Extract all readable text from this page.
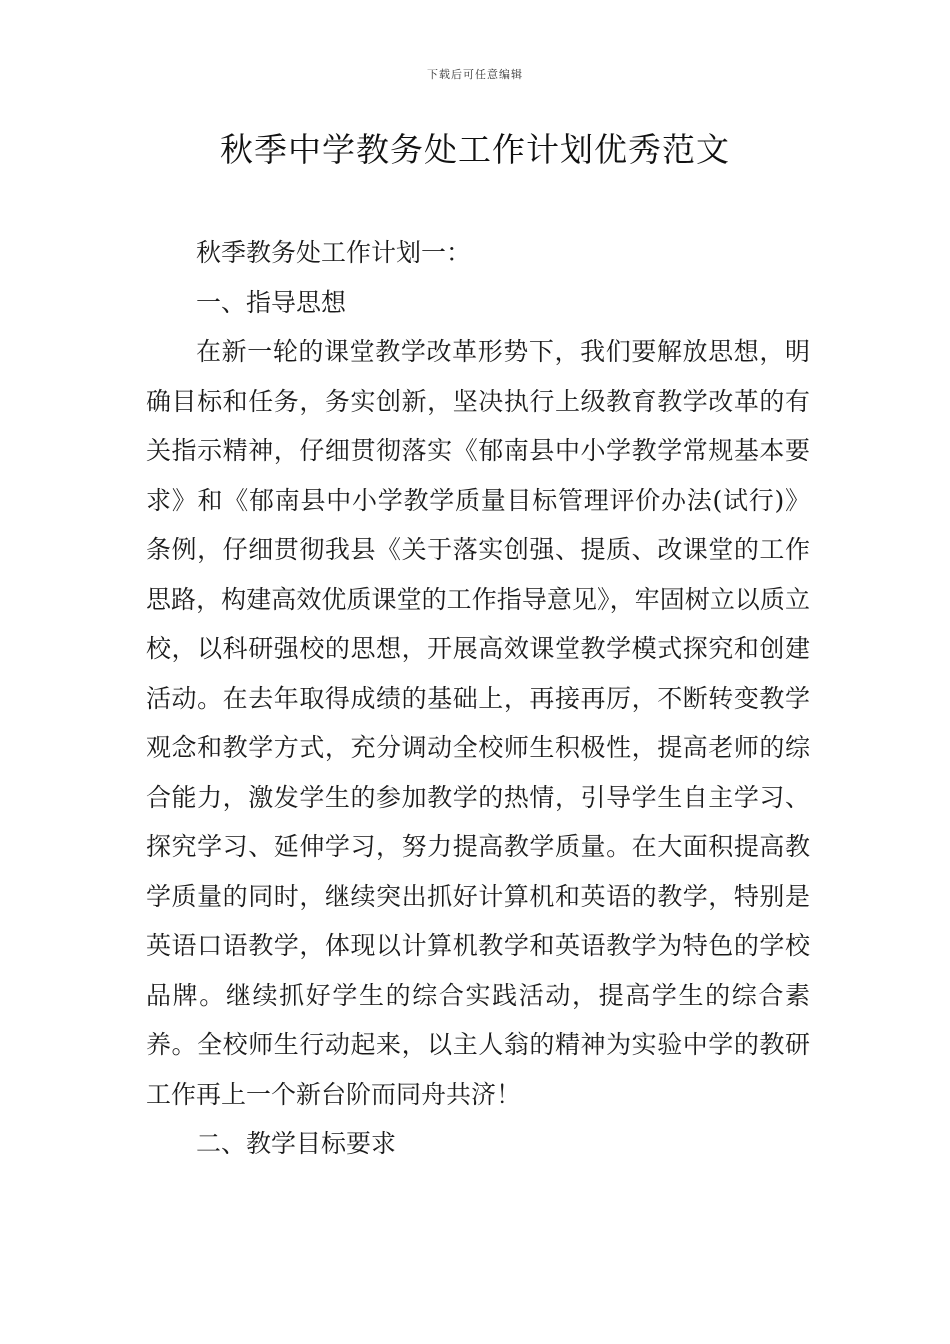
下载后可任意编辑
秋季中学教务处工作计划优秀范文

秋季教务处工作计划一：

一、指导思想

在新一轮的课堂教学改革形势下，我们要解放思想，明确目标和任务，务实创新，坚决执行上级教育教学改革的有关指示精神，仔细贯彻落实《郁南县中小学教学常规基本要求》和《郁南县中小学教学质量目标管理评价办法(试行)》条例，仔细贯彻我县《关于落实创强、提质、改课堂的工作思路，构建高效优质课堂的工作指导意见》，牢固树立以质立校，以科研强校的思想，开展高效课堂教学模式探究和创建活动。在去年取得成绩的基础上，再接再厉，不断转变教学观念和教学方式，充分调动全校师生积极性，提高老师的综合能力，激发学生的参加教学的热情，引导学生自主学习、探究学习、延伸学习，努力提高教学质量。在大面积提高教学质量的同时，继续突出抓好计算机和英语的教学，特别是英语口语教学，体现以计算机教学和英语教学为特色的学校品牌。继续抓好学生的综合实践活动，提高学生的综合素养。全校师生行动起来，以主人翁的精神为实验中学的教研工作再上一个新台阶而同舟共济！

二、教学目标要求
